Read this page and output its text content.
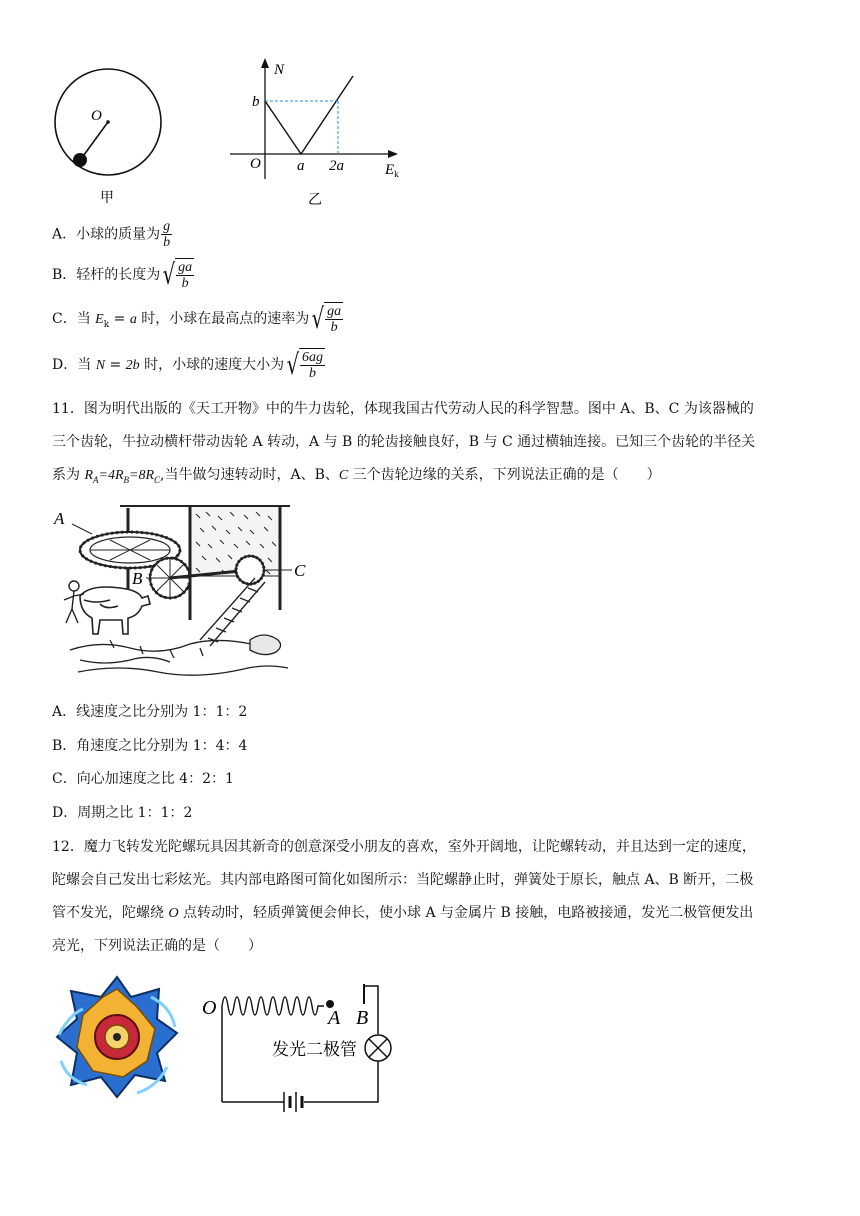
O
甲
N
b
O a 2a	$E_k$
乙
A．小球的质量为 $\frac{g}{b}$
B．轻杆的长度为 √ $\frac{ga}{b}$
C．当 $E_k = a$ 时，小球在最高点的速率为 √ $\frac{ga}{b}$
D．当 N = 2b 时，小球的速度大小为 √ $\frac{6ag}{b}$
11．图为明代出版的《天工开物》中的牛力齿轮，体现我国古代劳动人民的科学智慧。图中 A、B、C 为该器械的
三个齿轮，牛拉动横杆带动齿轮 A 转动，A 与 B 的轮齿接触良好，B 与 C 通过横轴连接。已知三个齿轮的半径关
系为 $R_A=4R_B=8R_C$,当牛做匀速转动时，A、B、C 三个齿轮边缘的关系，下列说法正确的是（　　）
A
B	C
A．线速度之比分别为 1：1：2
B．角速度之比分别为 1：4：4
C．向心加速度之比 4：2：1
D．周期之比 1：1：2
12．魔力飞转发光陀螺玩具因其新奇的创意深受小朋友的喜欢，室外开阔地，让陀螺转动，并且达到一定的速度，
陀螺会自己发出七彩炫光。其内部电路图可简化如图所示：当陀螺静止时，弹簧处于原长，触点 A、B 断开，二极
管不发光，陀螺绕 O 点转动时，轻质弹簧便会伸长，使小球 A 与金属片 B 接触，电路被接通，发光二极管便发出
亮光，下列说法正确的是（　　）
O	A B
发光二极管
